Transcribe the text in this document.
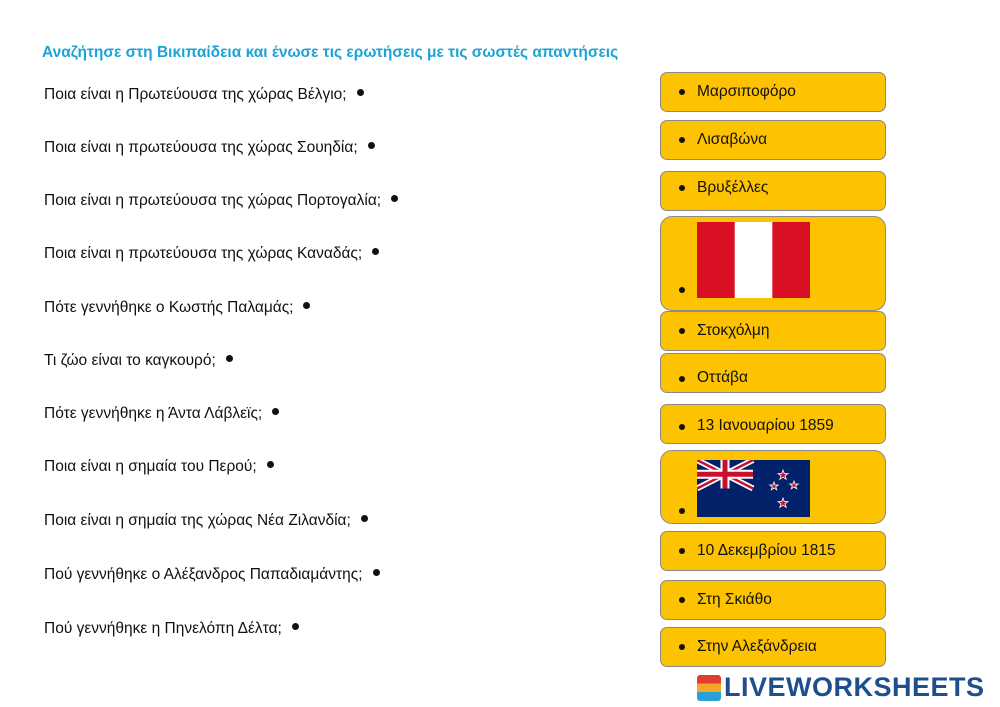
Αναζήτησε στη Βικιπαίδεια και ένωσε τις ερωτήσεις με τις σωστές απαντήσεις
Ποια είναι η Πρωτεύουσα της χώρας Βέλγιο;
Ποια είναι η πρωτεύουσα της χώρας Σουηδία;
Ποια είναι η πρωτεύουσα της χώρας Πορτογαλία;
Ποια είναι η πρωτεύουσα της χώρας Καναδάς;
Πότε γεννήθηκε ο Κωστής Παλαμάς;
Τι ζώο είναι το καγκουρό;
Πότε γεννήθηκε η Άντα Λάβλεϊς;
Ποια είναι η σημαία του Περού;
Ποια είναι η σημαία της χώρας Νέα Ζιλανδία;
Πού γεννήθηκε ο Αλέξανδρος Παπαδιαμάντης;
Πού γεννήθηκε η Πηνελόπη Δέλτα;
Μαρσιποφόρο
Λισαβώνα
Βρυξέλλες
Στοκχόλμη
Οττάβα
13 Ιανουαρίου 1859
10 Δεκεμβρίου 1815
Στη Σκιάθο
Στην Αλεξάνδρεια
LIVEWORKSHEETS
